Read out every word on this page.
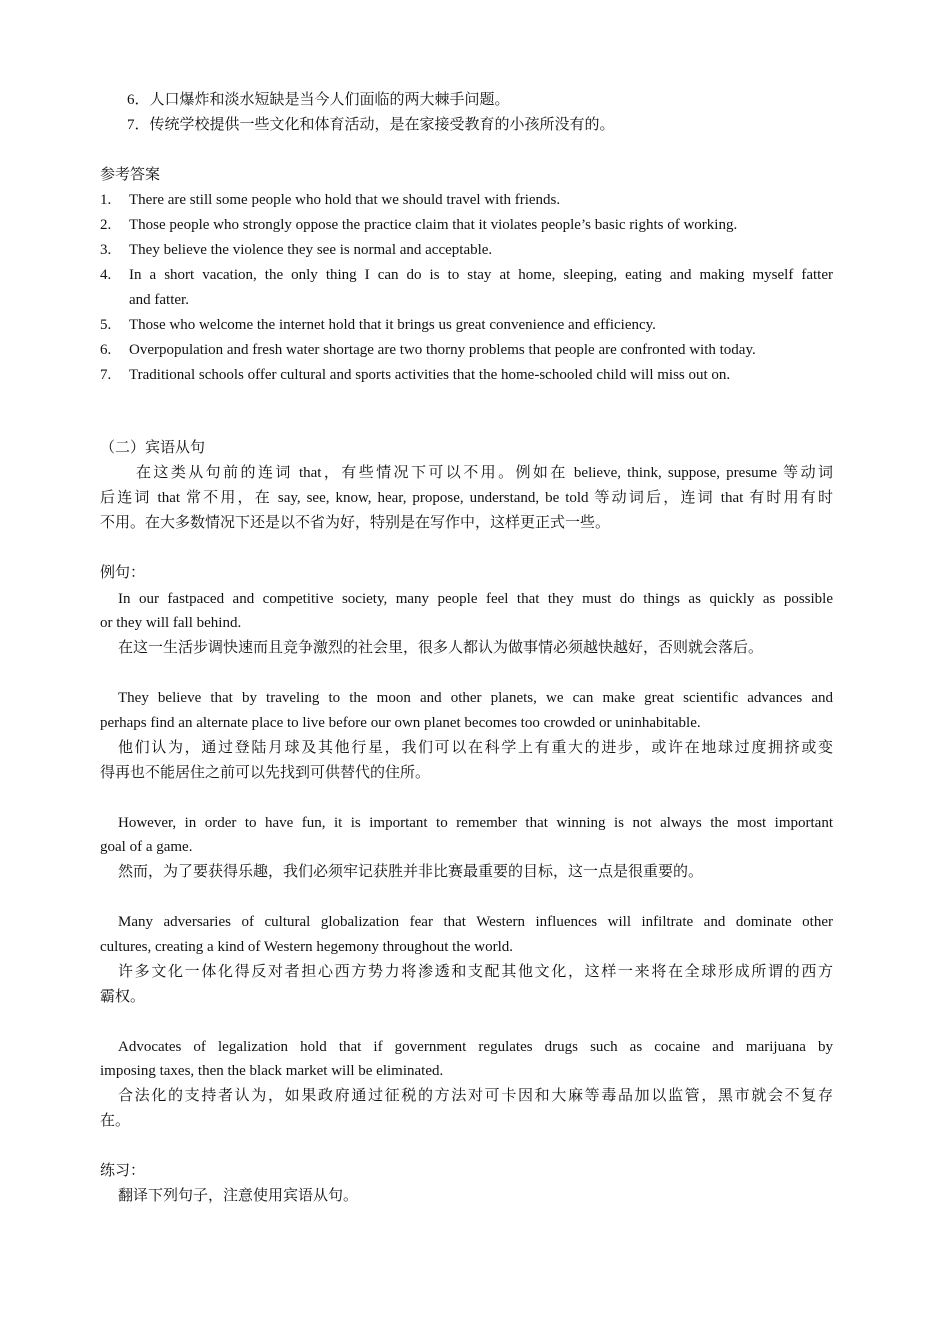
6．人口爆炸和淡水短缺是当今人们面临的两大棘手问题。
7．传统学校提供一些文化和体育活动，是在家接受教育的小孩所没有的。
参考答案
1. There are still some people who hold that we should travel with friends.
2. Those people who strongly oppose the practice claim that it violates people’s basic rights of working.
3. They believe the violence they see is normal and acceptable.
4. In a short vacation, the only thing I can do is to stay at home, sleeping, eating and making myself fatter
and fatter.
5. Those who welcome the internet hold that it brings us great convenience and efficiency.
6. Overpopulation and fresh water shortage are two thorny problems that people are confronted with today.
7. Traditional schools offer cultural and sports activities that the home-schooled child will miss out on.
（二）宾语从句
在这类从句前的连词 that，有些情况下可以不用。例如在 believe, think, suppose, presume 等动词
后连词 that 常不用，在 say, see, know, hear, propose, understand, be told 等动词后，连词 that 有时用有时
不用。在大多数情况下还是以不省为好，特别是在写作中，这样更正式一些。
例句：
In our fastpaced and competitive society, many people feel that they must do things as quickly as possible
or they will fall behind.
在这一生活步调快速而且竞争激烈的社会里，很多人都认为做事情必须越快越好，否则就会落后。
They believe that by traveling to the moon and other planets, we can make great scientific advances and
perhaps find an alternate place to live before our own planet becomes too crowded or uninhabitable.
他们认为，通过登陆月球及其他行星，我们可以在科学上有重大的进步，或许在地球过度拥挤或变
得再也不能居住之前可以先找到可供替代的住所。
However, in order to have fun, it is important to remember that winning is not always the most important
goal of a game.
然而，为了要获得乐趣，我们必须牢记获胜并非比赛最重要的目标，这一点是很重要的。
Many adversaries of cultural globalization fear that Western influences will infiltrate and dominate other
cultures, creating a kind of Western hegemony throughout the world.
许多文化一体化得反对者担心西方势力将渗透和支配其他文化，这样一来将在全球形成所谓的西方
霸权。
Advocates of legalization hold that if government regulates drugs such as cocaine and marijuana by
imposing taxes, then the black market will be eliminated.
合法化的支持者认为，如果政府通过征税的方法对可卡因和大麻等毒品加以监管，黑市就会不复存
在。
练习：
翻译下列句子，注意使用宾语从句。
